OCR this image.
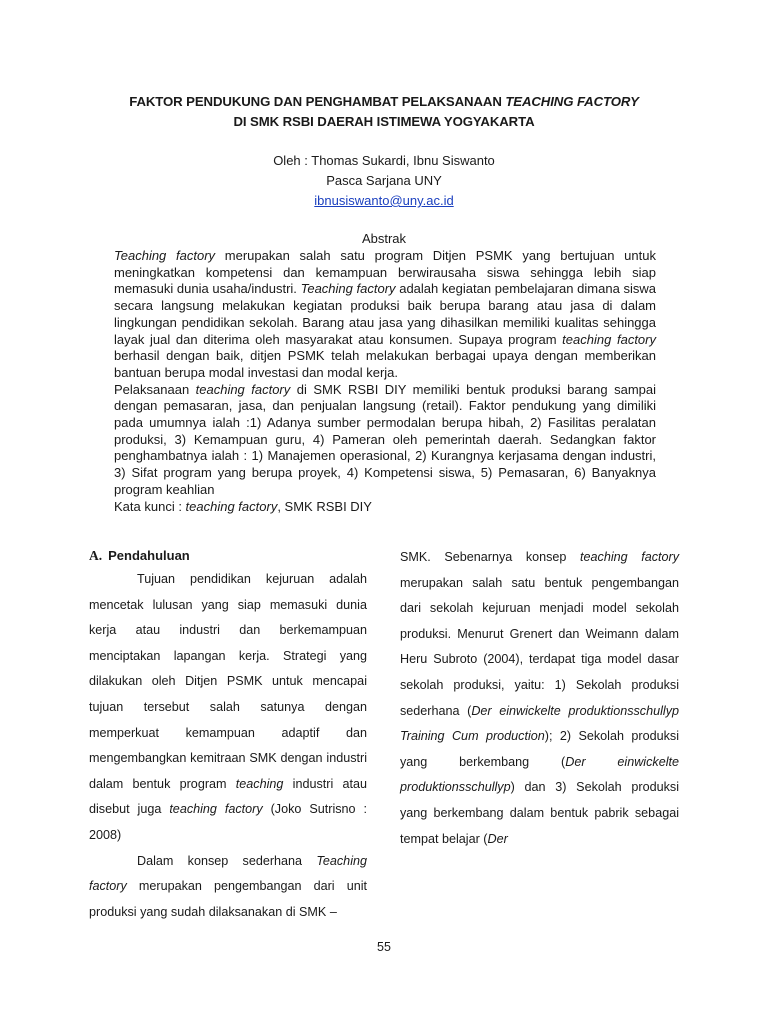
FAKTOR PENDUKUNG DAN PENGHAMBAT PELAKSANAAN TEACHING FACTORY
DI SMK RSBI DAERAH ISTIMEWA YOGYAKARTA
Oleh : Thomas Sukardi, Ibnu Siswanto
Pasca Sarjana UNY
ibnusiswanto@uny.ac.id
Abstrak

Teaching factory merupakan salah satu program Ditjen PSMK yang bertujuan untuk meningkatkan kompetensi dan kemampuan berwirausaha siswa sehingga lebih siap memasuki dunia usaha/industri. Teaching factory adalah kegiatan pembelajaran dimana siswa secara langsung melakukan kegiatan produksi baik berupa barang atau jasa di dalam lingkungan pendidikan sekolah. Barang atau jasa yang dihasilkan memiliki kualitas sehingga layak jual dan diterima oleh masyarakat atau konsumen. Supaya program teaching factory berhasil dengan baik, ditjen PSMK telah melakukan berbagai upaya dengan memberikan bantuan berupa modal investasi dan modal kerja.

Pelaksanaan teaching factory di SMK RSBI DIY memiliki bentuk produksi barang sampai dengan pemasaran, jasa, dan penjualan langsung (retail). Faktor pendukung yang dimiliki pada umumnya ialah :1) Adanya sumber permodalan berupa hibah, 2) Fasilitas peralatan produksi, 3) Kemampuan guru, 4) Pameran oleh pemerintah daerah. Sedangkan faktor penghambatnya ialah : 1) Manajemen operasional, 2) Kurangnya kerjasama dengan industri, 3) Sifat program yang berupa proyek, 4) Kompetensi siswa, 5) Pemasaran, 6) Banyaknya program keahlian

Kata kunci : teaching factory, SMK RSBI DIY

A. Pendahuluan

Tujuan pendidikan kejuruan adalah mencetak lulusan yang siap memasuki dunia kerja atau industri dan berkemampuan menciptakan lapangan kerja. Strategi yang dilakukan oleh Ditjen PSMK untuk mencapai tujuan tersebut salah satunya dengan memperkuat kemampuan adaptif dan mengembangkan kemitraan SMK dengan industri dalam bentuk program teaching industri atau disebut juga teaching factory (Joko Sutrisno : 2008)

Dalam konsep sederhana Teaching factory merupakan pengembangan dari unit produksi yang sudah dilaksanakan di SMK –

SMK. Sebenarnya konsep teaching factory merupakan salah satu bentuk pengembangan dari sekolah kejuruan menjadi model sekolah produksi. Menurut Grenert dan Weimann dalam Heru Subroto (2004), terdapat tiga model dasar sekolah produksi, yaitu: 1) Sekolah produksi sederhana (Der einwickelte produktionsschullyp Training Cum production); 2) Sekolah produksi yang berkembang (Der einwickelte produktionsschullyp) dan 3) Sekolah produksi yang berkembang dalam bentuk pabrik sebagai tempat belajar (Der

55
